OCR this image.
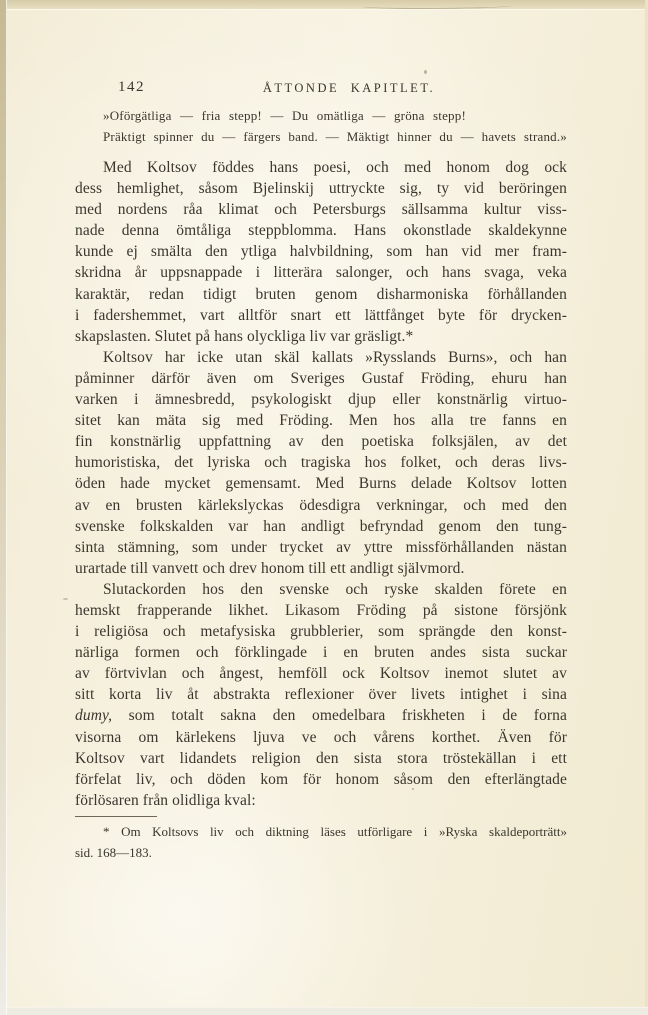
142	ÅTTONDE KAPITLET.
»Oförgätliga — fria stepp! — Du omätliga — gröna stepp!
Präktigt spinner du — färgers band. — Mäktigt hinner du — havets strand.»
Med Koltsov föddes hans poesi, och med honom dog ock
dess hemlighet, såsom Bjelinskij uttryckte sig, ty vid beröringen
med nordens råa klimat och Petersburgs sällsamma kultur viss-
nade denna ömtåliga steppblomma. Hans okonstlade skaldekynne
kunde ej smälta den ytliga halvbildning, som han vid mer fram-
skridna år uppsnappade i litterära salonger, och hans svaga, veka
karaktär, redan tidigt bruten genom disharmoniska förhållanden
i fadershemmet, vart alltför snart ett lättfånget byte för drycken-
skapslasten. Slutet på hans olyckliga liv var gräsligt.*
Koltsov har icke utan skäl kallats »Rysslands Burns», och han
påminner därför även om Sveriges Gustaf Fröding, ehuru han
varken i ämnesbredd, psykologiskt djup eller konstnärlig virtuo-
sitet kan mäta sig med Fröding. Men hos alla tre fanns en
fin konstnärlig uppfattning av den poetiska folksjälen, av det
humoristiska, det lyriska och tragiska hos folket, och deras livs-
öden hade mycket gemensamt. Med Burns delade Koltsov lotten
av en brusten kärlekslyckas ödesdigra verkningar, och med den
svenske folkskalden var han andligt befryndad genom den tung-
sinta stämning, som under trycket av yttre missförhållanden nästan
urartade till vanvett och drev honom till ett andligt självmord.
Slutackorden hos den svenske och ryske skalden förete en
hemskt frapperande likhet. Likasom Fröding på sistone försjönk
i religiösa och metafysiska grubblerier, som sprängde den konst-
närliga formen och förklingade i en bruten andes sista suckar
av förtvivlan och ångest, hemföll ock Koltsov inemot slutet av
sitt korta liv åt abstrakta reflexioner över livets intighet i sina
dumy, som totalt sakna den omedelbara friskheten i de forna
visorna om kärlekens ljuva ve och vårens korthet. Även för
Koltsov vart lidandets religion den sista stora tröstekällan i ett
förfelat liv, och döden kom för honom såsom den efterlängtade
förlösaren från olidliga kval:
* Om Koltsovs liv och diktning läses utförligare i »Ryska skaldeporträtt»
sid. 168—183.
